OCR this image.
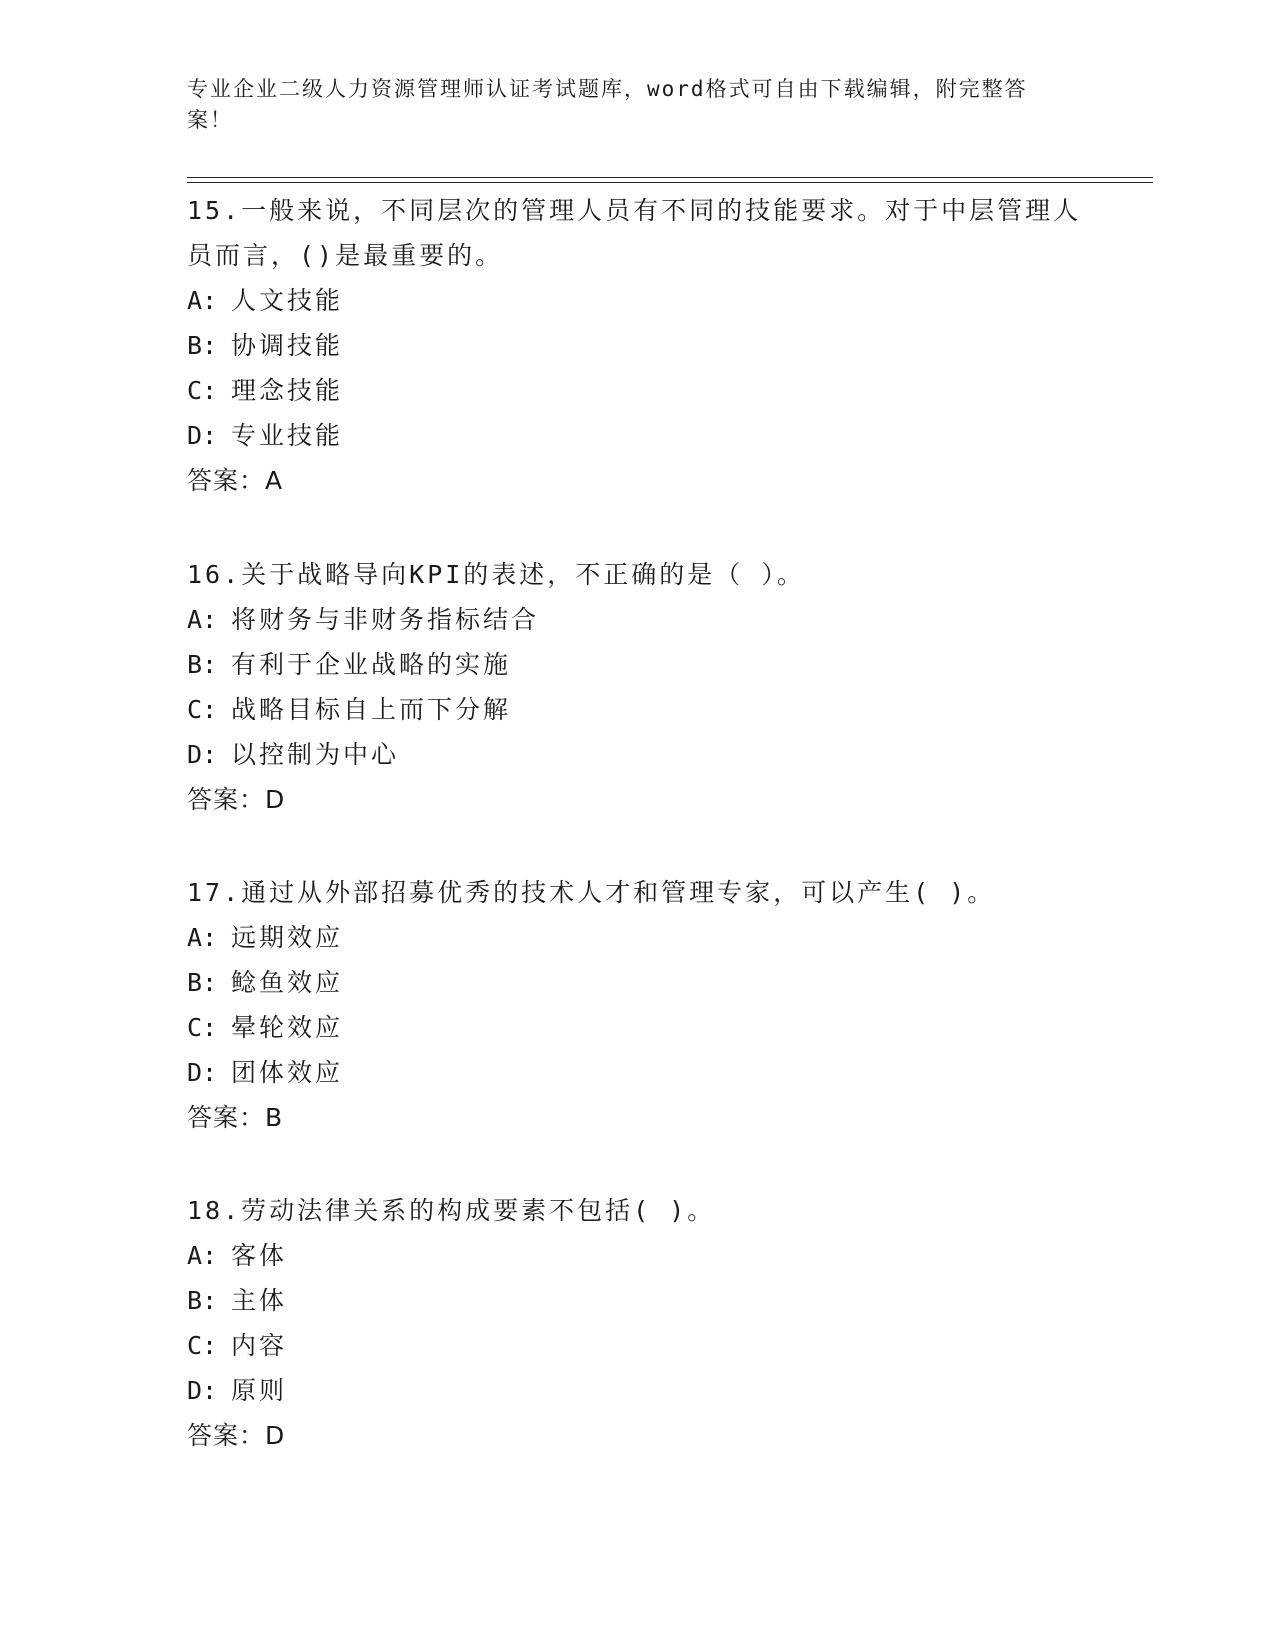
专业企业二级人力资源管理师认证考试题库，word格式可自由下载编辑，附完整答案！

15.一般来说，不同层次的管理人员有不同的技能要求。对于中层管理人员而言，()是最重要的。

A: 人文技能

B: 协调技能

C: 理念技能

D: 专业技能

答案：A

16.关于战略导向KPI的表述，不正确的是（ ）。

A: 将财务与非财务指标结合

B: 有利于企业战略的实施

C: 战略目标自上而下分解

D: 以控制为中心

答案：D

17.通过从外部招募优秀的技术人才和管理专家，可以产生( )。

A: 远期效应

B: 鲶鱼效应

C: 晕轮效应

D: 团体效应

答案：B

18.劳动法律关系的构成要素不包括( )。

A: 客体

B: 主体

C: 内容

D: 原则

答案：D
